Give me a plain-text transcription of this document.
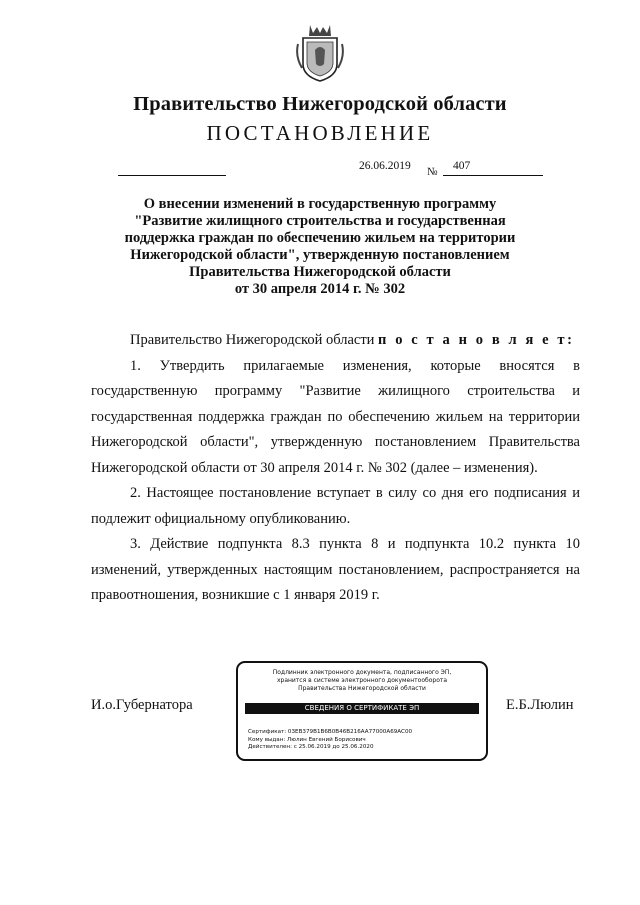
Правительство Нижегородской области
ПОСТАНОВЛЕНИЕ
26.06.2019 № 407
О внесении изменений в государственную программу
"Развитие жилищного строительства и государственная
поддержка граждан по обеспечению жильем на территории
Нижегородской области", утвержденную постановлением
Правительства Нижегородской области
от 30 апреля 2014 г. № 302

Правительство Нижегородской области п о с т а н о в л я е т:

1. Утвердить прилагаемые изменения, которые вносятся в государственную программу "Развитие жилищного строительства и государственная поддержка граждан по обеспечению жильем на территории Нижегородской области", утвержденную постановлением Правительства Нижегородской области от 30 апреля 2014 г. № 302 (далее – изменения).

2. Настоящее постановление вступает в силу со дня его подписания и подлежит официальному опубликованию.

3. Действие подпункта 8.3 пункта 8 и подпункта 10.2 пункта 10 изменений, утвержденных настоящим постановлением, распространяется на правоотношения, возникшие с 1 января 2019 г.

И.о.Губернатора
Подлинник электронного документа, подписанного ЭП,
хранится в системе электронного документооборота
Правительства Нижегородской области
СВЕДЕНИЯ О СЕРТИФИКАТЕ ЭП
Сертификат: 03EB379B1B6B0B46B216AA77000A69AC00
Кому выдан: Люлин Евгений Борисович
Действителен: с 25.06.2019 до 25.06.2020
Е.Б.Люлин
